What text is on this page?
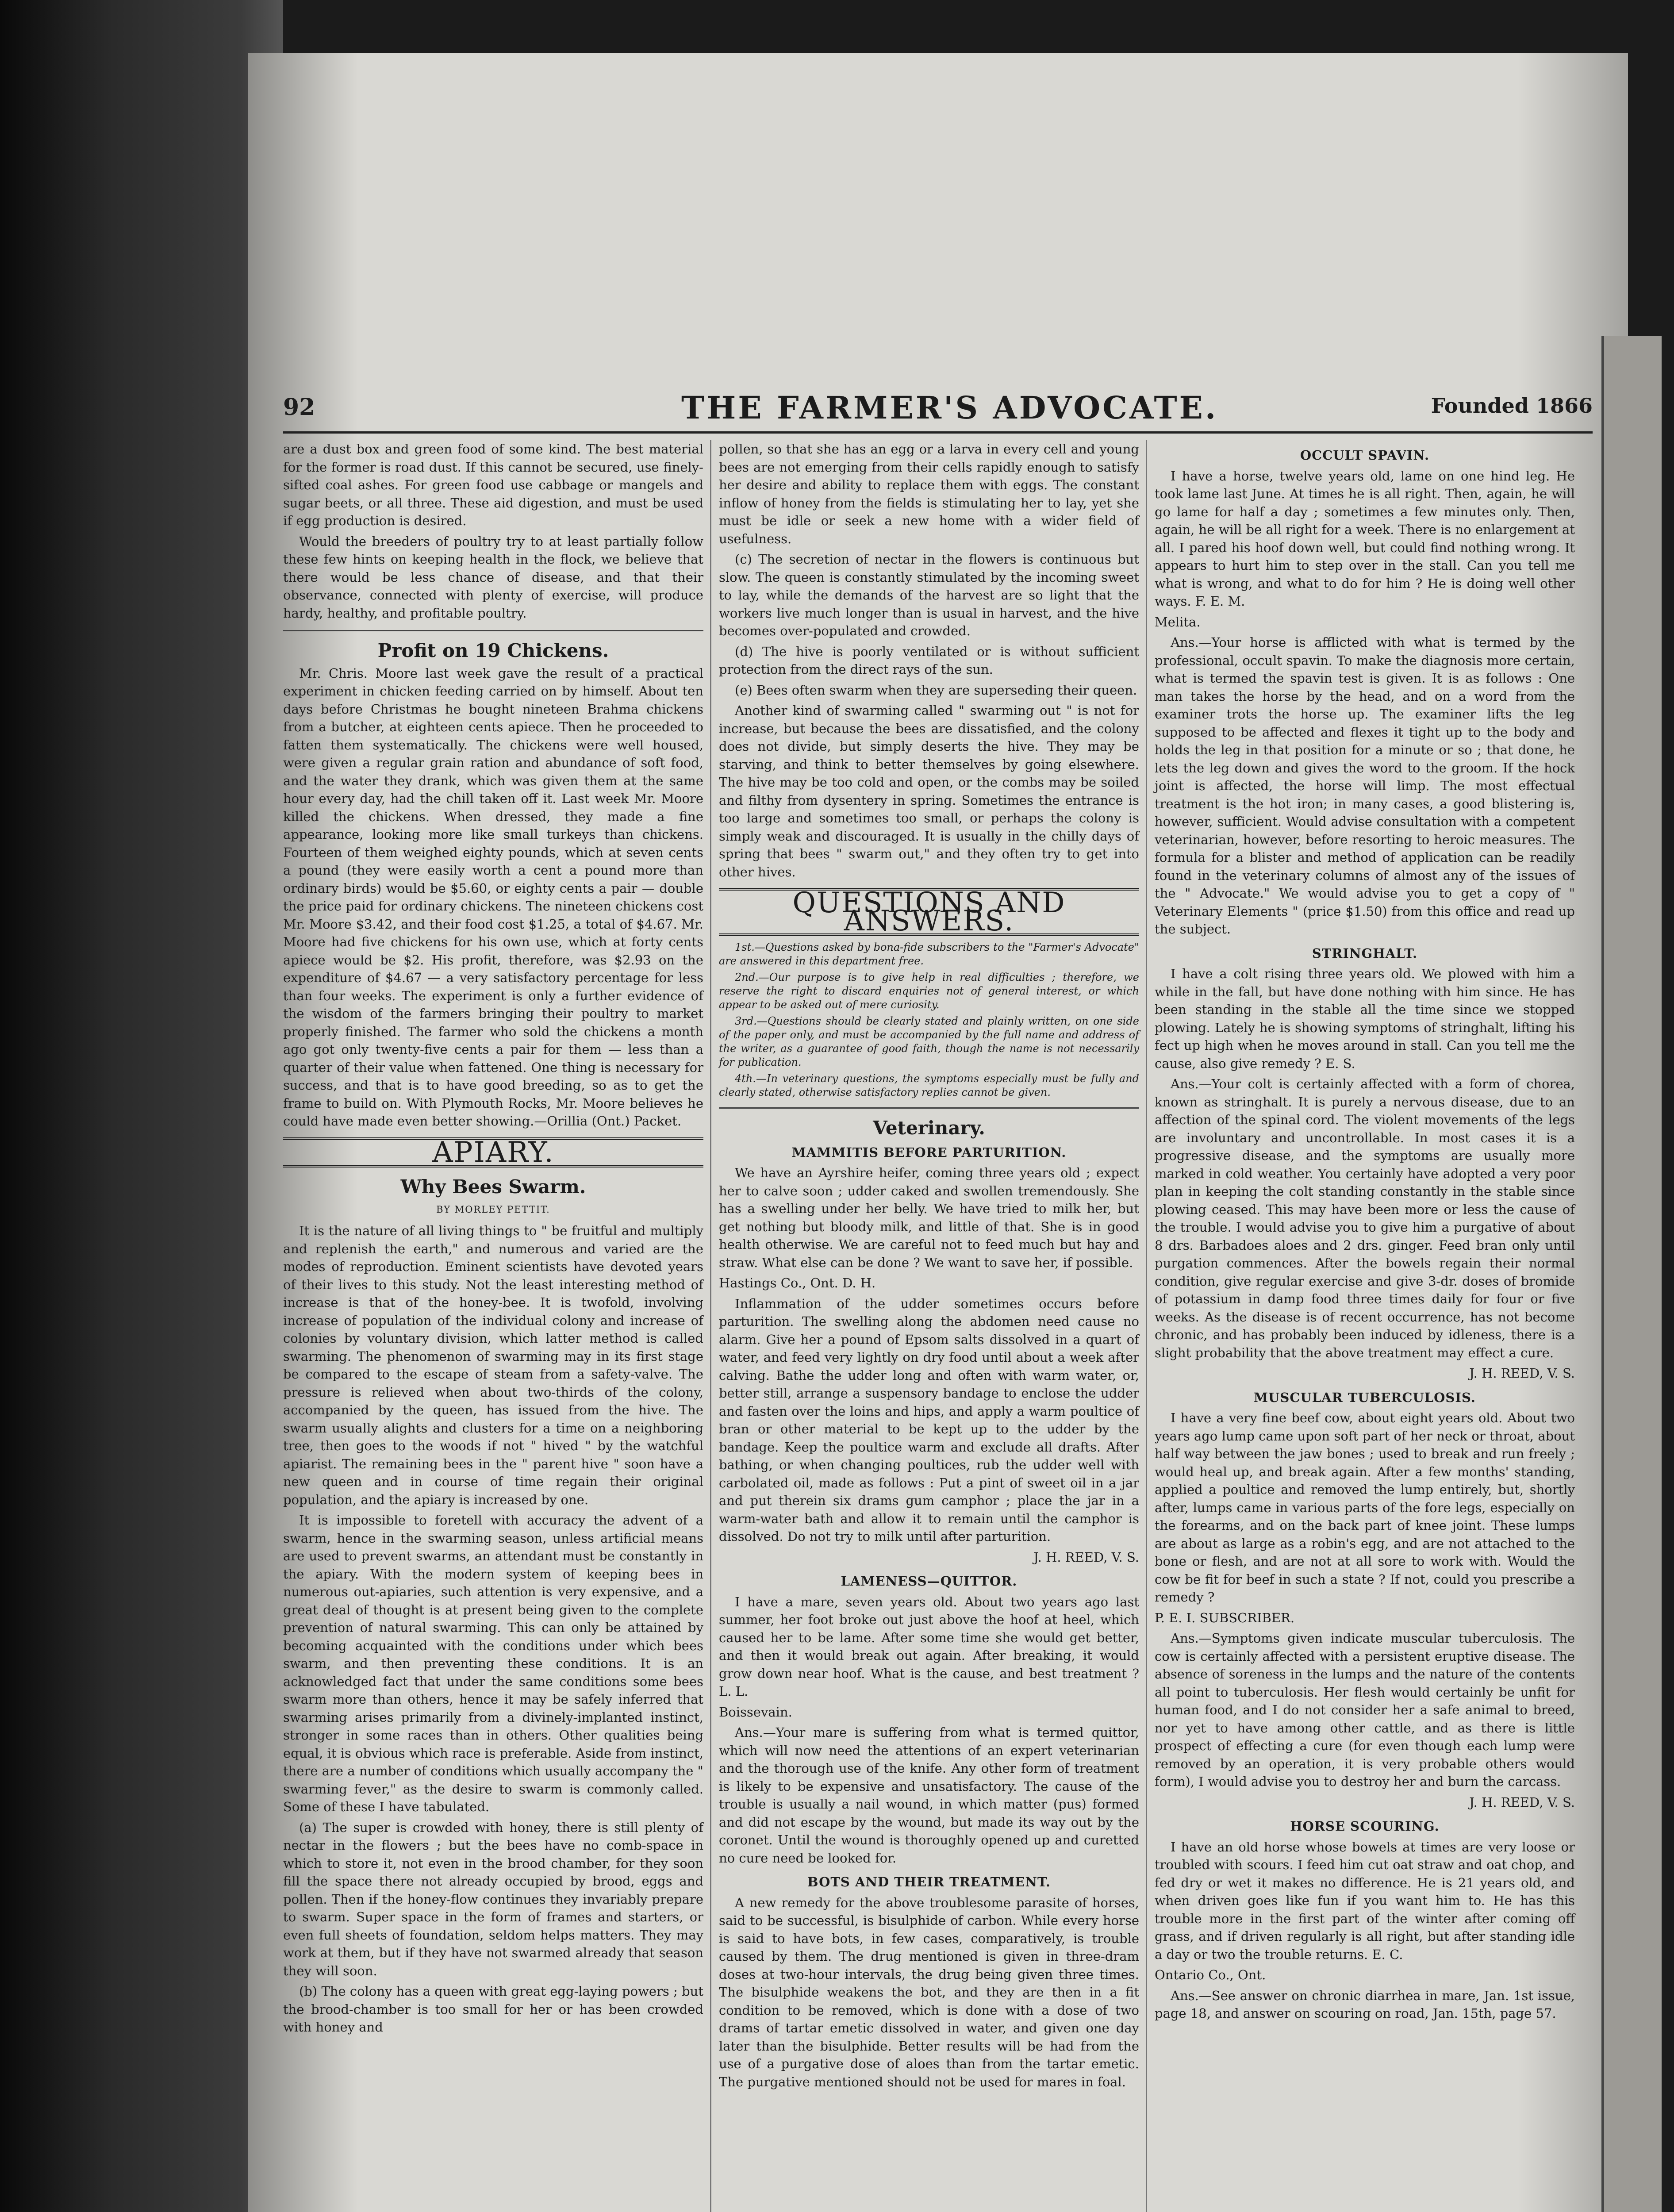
92	THE FARMER'S ADVOCATE.	Founded 1866

are a dust box and green food of some kind. The best material for the former is road dust. If this cannot be secured, use finely-sifted coal ashes. For green food use cabbage or mangels and sugar beets, or all three. These aid digestion, and must be used if egg production is desired.

Would the breeders of poultry try to at least partially follow these few hints on keeping health in the flock, we believe that there would be less chance of disease, and that their observance, connected with plenty of exercise, will produce hardy, healthy, and profitable poultry.

Profit on 19 Chickens.

Mr. Chris. Moore last week gave the result of a practical experiment in chicken feeding carried on by himself. About ten days before Christmas he bought nineteen Brahma chickens from a butcher, at eighteen cents apiece. Then he proceeded to fatten them systematically. The chickens were well housed, were given a regular grain ration and abundance of soft food, and the water they drank, which was given them at the same hour every day, had the chill taken off it. Last week Mr. Moore killed the chickens. When dressed, they made a fine appearance, looking more like small turkeys than chickens. Fourteen of them weighed eighty pounds, which at seven cents a pound (they were easily worth a cent a pound more than ordinary birds) would be $5.60, or eighty cents a pair — double the price paid for ordinary chickens. The nineteen chickens cost Mr. Moore $3.42, and their food cost $1.25, a total of $4.67. Mr. Moore had five chickens for his own use, which at forty cents apiece would be $2. His profit, therefore, was $2.93 on the expenditure of $4.67 — a very satisfactory percentage for less than four weeks. The experiment is only a further evidence of the wisdom of the farmers bringing their poultry to market properly finished. The farmer who sold the chickens a month ago got only twenty-five cents a pair for them — less than a quarter of their value when fattened. One thing is necessary for success, and that is to have good breeding, so as to get the frame to build on. With Plymouth Rocks, Mr. Moore believes he could have made even better showing.—Orillia (Ont.) Packet.

APIARY.
Why Bees Swarm.
BY MORLEY PETTIT.

It is the nature of all living things to " be fruitful and multiply and replenish the earth," and numerous and varied are the modes of reproduction. Eminent scientists have devoted years of their lives to this study. Not the least interesting method of increase is that of the honey-bee. It is twofold, involving increase of population of the individual colony and increase of colonies by voluntary division, which latter method is called swarming. The phenomenon of swarming may in its first stage be compared to the escape of steam from a safety-valve. The pressure is relieved when about two-thirds of the colony, accompanied by the queen, has issued from the hive. The swarm usually alights and clusters for a time on a neighboring tree, then goes to the woods if not " hived " by the watchful apiarist. The remaining bees in the " parent hive " soon have a new queen and in course of time regain their original population, and the apiary is increased by one.

It is impossible to foretell with accuracy the advent of a swarm, hence in the swarming season, unless artificial means are used to prevent swarms, an attendant must be constantly in the apiary. With the modern system of keeping bees in numerous out-apiaries, such attention is very expensive, and a great deal of thought is at present being given to the complete prevention of natural swarming. This can only be attained by becoming acquainted with the conditions under which bees swarm, and then preventing these conditions. It is an acknowledged fact that under the same conditions some bees swarm more than others, hence it may be safely inferred that swarming arises primarily from a divinely-implanted instinct, stronger in some races than in others. Other qualities being equal, it is obvious which race is preferable. Aside from instinct, there are a number of conditions which usually accompany the " swarming fever," as the desire to swarm is commonly called. Some of these I have tabulated.

(a) The super is crowded with honey, there is still plenty of nectar in the flowers ; but the bees have no comb-space in which to store it, not even in the brood chamber, for they soon fill the space there not already occupied by brood, eggs and pollen. Then if the honey-flow continues they invariably prepare to swarm. Super space in the form of frames and starters, or even full sheets of foundation, seldom helps matters. They may work at them, but if they have not swarmed already that season they will soon.

(b) The colony has a queen with great egg-laying powers ; but the brood-chamber is too small for her or has been crowded with honey and

pollen, so that she has an egg or a larva in every cell and young bees are not emerging from their cells rapidly enough to satisfy her desire and ability to replace them with eggs. The constant inflow of honey from the fields is stimulating her to lay, yet she must be idle or seek a new home with a wider field of usefulness.

(c) The secretion of nectar in the flowers is continuous but slow. The queen is constantly stimulated by the incoming sweet to lay, while the demands of the harvest are so light that the workers live much longer than is usual in harvest, and the hive becomes over-populated and crowded.

(d) The hive is poorly ventilated or is without sufficient protection from the direct rays of the sun.

(e) Bees often swarm when they are superseding their queen.

Another kind of swarming called " swarming out " is not for increase, but because the bees are dissatisfied, and the colony does not divide, but simply deserts the hive. They may be starving, and think to better themselves by going elsewhere. The hive may be too cold and open, or the combs may be soiled and filthy from dysentery in spring. Sometimes the entrance is too large and sometimes too small, or perhaps the colony is simply weak and discouraged. It is usually in the chilly days of spring that bees " swarm out," and they often try to get into other hives.

QUESTIONS AND ANSWERS.

1st.—Questions asked by bona-fide subscribers to the "Farmer's Advocate" are answered in this department free.

2nd.—Our purpose is to give help in real difficulties ; therefore, we reserve the right to discard enquiries not of general interest, or which appear to be asked out of mere curiosity.

3rd.—Questions should be clearly stated and plainly written, on one side of the paper only, and must be accompanied by the full name and address of the writer, as a guarantee of good faith, though the name is not necessarily for publication.

4th.—In veterinary questions, the symptoms especially must be fully and clearly stated, otherwise satisfactory replies cannot be given.

Veterinary.
MAMMITIS BEFORE PARTURITION.

We have an Ayrshire heifer, coming three years old ; expect her to calve soon ; udder caked and swollen tremendously. She has a swelling under her belly. We have tried to milk her, but get nothing but bloody milk, and little of that. She is in good health otherwise. We are careful not to feed much but hay and straw. What else can be done ? We want to save her, if possible.

Hastings Co., Ont. D. H.

Inflammation of the udder sometimes occurs before parturition. The swelling along the abdomen need cause no alarm. Give her a pound of Epsom salts dissolved in a quart of water, and feed very lightly on dry food until about a week after calving. Bathe the udder long and often with warm water, or, better still, arrange a suspensory bandage to enclose the udder and fasten over the loins and hips, and apply a warm poultice of bran or other material to be kept up to the udder by the bandage. Keep the poultice warm and exclude all drafts. After bathing, or when changing poultices, rub the udder well with carbolated oil, made as follows : Put a pint of sweet oil in a jar and put therein six drams gum camphor ; place the jar in a warm-water bath and allow it to remain until the camphor is dissolved. Do not try to milk until after parturition.

J. H. REED, V. S.

LAMENESS—QUITTOR.

I have a mare, seven years old. About two years ago last summer, her foot broke out just above the hoof at heel, which caused her to be lame. After some time she would get better, and then it would break out again. After breaking, it would grow down near hoof. What is the cause, and best treatment ? L. L.

Boissevain.

Ans.—Your mare is suffering from what is termed quittor, which will now need the attentions of an expert veterinarian and the thorough use of the knife. Any other form of treatment is likely to be expensive and unsatisfactory. The cause of the trouble is usually a nail wound, in which matter (pus) formed and did not escape by the wound, but made its way out by the coronet. Until the wound is thoroughly opened up and curetted no cure need be looked for.

BOTS AND THEIR TREATMENT.

A new remedy for the above troublesome parasite of horses, said to be successful, is bisulphide of carbon. While every horse is said to have bots, in few cases, comparatively, is trouble caused by them. The drug mentioned is given in three-dram doses at two-hour intervals, the drug being given three times. The bisulphide weakens the bot, and they are then in a fit condition to be removed, which is done with a dose of two drams of tartar emetic dissolved in water, and given one day later than the bisulphide. Better results will be had from the use of a purgative dose of aloes than from the tartar emetic. The purgative mentioned should not be used for mares in foal.

OCCULT SPAVIN.

I have a horse, twelve years old, lame on one hind leg. He took lame last June. At times he is all right. Then, again, he will go lame for half a day ; sometimes a few minutes only. Then, again, he will be all right for a week. There is no enlargement at all. I pared his hoof down well, but could find nothing wrong. It appears to hurt him to step over in the stall. Can you tell me what is wrong, and what to do for him ? He is doing well other ways. F. E. M.

Melita.

Ans.—Your horse is afflicted with what is termed by the professional, occult spavin. To make the diagnosis more certain, what is termed the spavin test is given. It is as follows : One man takes the horse by the head, and on a word from the examiner trots the horse up. The examiner lifts the leg supposed to be affected and flexes it tight up to the body and holds the leg in that position for a minute or so ; that done, he lets the leg down and gives the word to the groom. If the hock joint is affected, the horse will limp. The most effectual treatment is the hot iron; in many cases, a good blistering is, however, sufficient. Would advise consultation with a competent veterinarian, however, before resorting to heroic measures. The formula for a blister and method of application can be readily found in the veterinary columns of almost any of the issues of the " Advocate." We would advise you to get a copy of " Veterinary Elements " (price $1.50) from this office and read up the subject.

STRINGHALT.

I have a colt rising three years old. We plowed with him a while in the fall, but have done nothing with him since. He has been standing in the stable all the time since we stopped plowing. Lately he is showing symptoms of stringhalt, lifting his fect up high when he moves around in stall. Can you tell me the cause, also give remedy ? E. S.

Ans.—Your colt is certainly affected with a form of chorea, known as stringhalt. It is purely a nervous disease, due to an affection of the spinal cord. The violent movements of the legs are involuntary and uncontrollable. In most cases it is a progressive disease, and the symptoms are usually more marked in cold weather. You certainly have adopted a very poor plan in keeping the colt standing constantly in the stable since plowing ceased. This may have been more or less the cause of the trouble. I would advise you to give him a purgative of about 8 drs. Barbadoes aloes and 2 drs. ginger. Feed bran only until purgation commences. After the bowels regain their normal condition, give regular exercise and give 3-dr. doses of bromide of potassium in damp food three times daily for four or five weeks. As the disease is of recent occurrence, has not become chronic, and has probably been induced by idleness, there is a slight probability that the above treatment may effect a cure.

J. H. REED, V. S.

MUSCULAR TUBERCULOSIS.

I have a very fine beef cow, about eight years old. About two years ago lump came upon soft part of her neck or throat, about half way between the jaw bones ; used to break and run freely ; would heal up, and break again. After a few months' standing, applied a poultice and removed the lump entirely, but, shortly after, lumps came in various parts of the fore legs, especially on the forearms, and on the back part of knee joint. These lumps are about as large as a robin's egg, and are not attached to the bone or flesh, and are not at all sore to work with. Would the cow be fit for beef in such a state ? If not, could you prescribe a remedy ?

P. E. I. SUBSCRIBER.

Ans.—Symptoms given indicate muscular tuberculosis. The cow is certainly affected with a persistent eruptive disease. The absence of soreness in the lumps and the nature of the contents all point to tuberculosis. Her flesh would certainly be unfit for human food, and I do not consider her a safe animal to breed, nor yet to have among other cattle, and as there is little prospect of effecting a cure (for even though each lump were removed by an operation, it is very probable others would form), I would advise you to destroy her and burn the carcass.

J. H. REED, V. S.

HORSE SCOURING.

I have an old horse whose bowels at times are very loose or troubled with scours. I feed him cut oat straw and oat chop, and fed dry or wet it makes no difference. He is 21 years old, and when driven goes like fun if you want him to. He has this trouble more in the first part of the winter after coming off grass, and if driven regularly is all right, but after standing idle a day or two the trouble returns. E. C.

Ontario Co., Ont.

Ans.—See answer on chronic diarrhea in mare, Jan. 1st issue, page 18, and answer on scouring on road, Jan. 15th, page 57.
